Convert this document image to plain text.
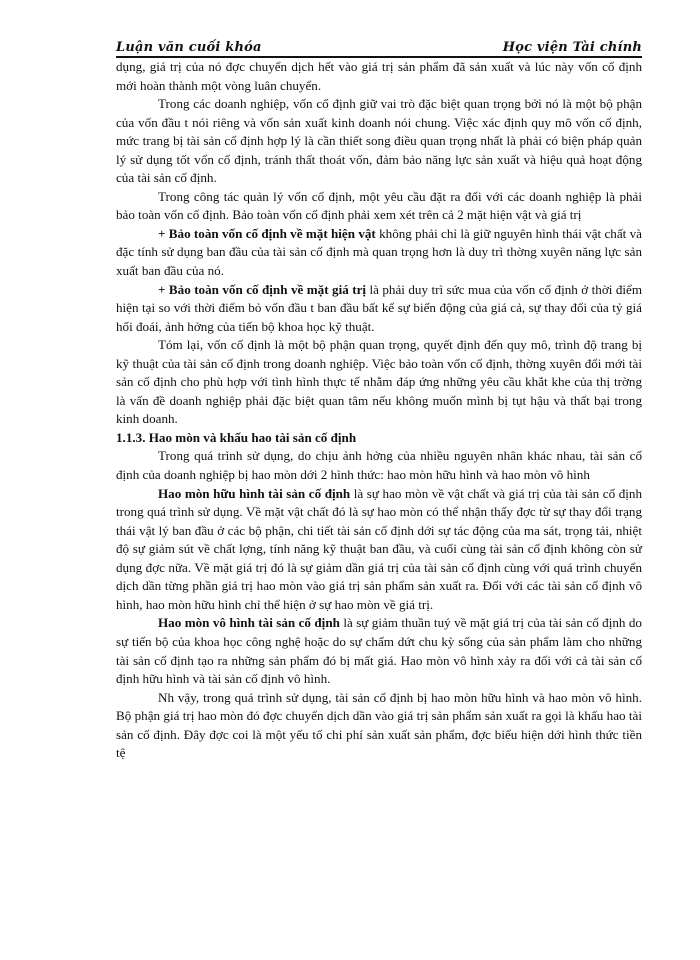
Luận văn cuối khóa	Học viện Tài chính

dụng, giá trị của nó đợc chuyển dịch hết vào giá trị sản phẩm đã sản xuất và lúc này vốn cố định mới hoàn thành một vòng luân chuyển.

Trong các doanh nghiệp, vốn cố định giữ vai trò đặc biệt quan trọng bởi nó là một bộ phận của vốn đầu t nói riêng và vốn sản xuất kinh doanh nói chung. Việc xác định quy mô vốn cố định, mức trang bị tài sản cố định hợp lý là cần thiết song điều quan trọng nhất là phải có biện pháp quản lý sử dụng tốt vốn cố định, tránh thất thoát vốn, đảm bảo năng lực sản xuất và hiệu quả hoạt động của tài sản cố định.

Trong công tác quản lý vốn cố định, một yêu cầu đặt ra đối với các doanh nghiệp là phải bảo toàn vốn cố định. Bảo toàn vốn cố định phải xem xét trên cả 2 mặt hiện vật và giá trị

+ Bảo toàn vốn cố định về mặt hiện vật không phải chỉ là giữ nguyên hình thái vật chất và đặc tính sử dụng ban đầu của tài sản cố định mà quan trọng hơn là duy trì thờng xuyên năng lực sản xuất ban đầu của nó.

+ Bảo toàn vốn cố định về mặt giá trị là phải duy trì sức mua của vốn cố định ở thời điểm hiện tại so với thời điểm bỏ vốn đầu t ban đầu bất kể sự biến động của giá cả, sự thay đổi của tỷ giá hối đoái, ảnh hởng của tiến bộ khoa học kỹ thuật.

Tóm lại, vốn cố định là một bộ phận quan trọng, quyết định đến quy mô, trình độ trang bị kỹ thuật của tài sản cố định trong doanh nghiệp. Việc bảo toàn vốn cố định, thờng xuyên đổi mới tài sản cố định cho phù hợp với tình hình thực tế nhằm đáp ứng những yêu cầu khắt khe của thị trờng là vấn đề doanh nghiệp phải đặc biệt quan tâm nếu không muốn mình bị tụt hậu và thất bại trong kinh doanh.

1.1.3. Hao mòn và khấu hao tài sản cố định

Trong quá trình sử dụng, do chịu ảnh hởng của nhiều nguyên nhân khác nhau, tài sản cố định của doanh nghiệp bị hao mòn dới 2 hình thức: hao mòn hữu hình và hao mòn vô hình

Hao mòn hữu hình tài sản cố định là sự hao mòn về vật chất và giá trị của tài sản cố định trong quá trình sử dụng. Về mặt vật chất đó là sự hao mòn có thể nhận thấy đợc từ sự thay đổi trạng thái vật lý ban đầu ở các bộ phận, chi tiết tài sản cố định dới sự tác động của ma sát, trọng tải, nhiệt độ sự giảm sút về chất lợng, tính năng kỹ thuật ban đầu, và cuối cùng tài sản cố định không còn sử dụng đợc nữa. Về mặt giá trị đó là sự giảm dần giá trị của tài sản cố định cùng với quá trình chuyển dịch dần từng phần giá trị hao mòn vào giá trị sản phẩm sản xuất ra. Đối với các tài sản cố định vô hình, hao mòn hữu hình chỉ thể hiện ở sự hao mòn về giá trị.

Hao mòn vô hình tài sản cố định là sự giảm thuần tuý về mặt giá trị của tài sản cố định do sự tiến bộ của khoa học công nghệ hoặc do sự chấm dứt chu kỳ sống của sản phẩm làm cho những tài sản cố định tạo ra những sản phẩm đó bị mất giá. Hao mòn vô hình xảy ra đối với cả tài sản cố định hữu hình và tài sản cố định vô hình.

Nh vậy, trong quá trình sử dụng, tài sản cố định bị hao mòn hữu hình và hao mòn vô hình. Bộ phận giá trị hao mòn đó đợc chuyển dịch dần vào giá trị sản phẩm sản xuất ra gọi là khấu hao tài sản cố định. Đây đợc coi là một yếu tố chi phí sản xuất sản phẩm, đợc biểu hiện dới hình thức tiền tệ
